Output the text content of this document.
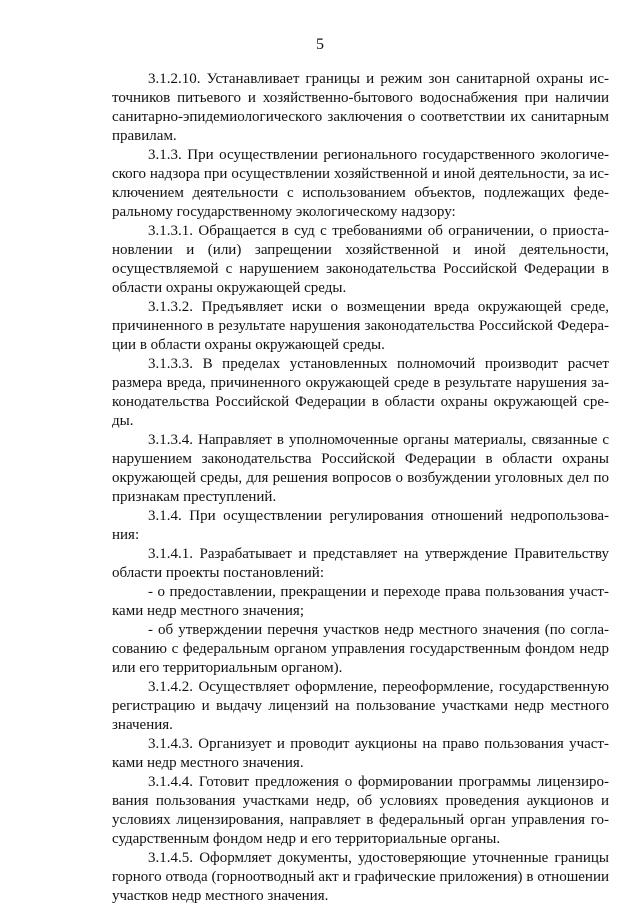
5

3.1.2.10. Устанавливает границы и режим зон санитарной охраны источников питьевого и хозяйственно-бытового водоснабжения при наличии санитарно-эпидемиологического заключения о соответствии их санитарным правилам.

3.1.3. При осуществлении регионального государственного экологического надзора при осуществлении хозяйственной и иной деятельности, за исключением деятельности с использованием объектов, подлежащих федеральному государственному экологическому надзору:

3.1.3.1. Обращается в суд с требованиями об ограничении, о приостановлении и (или) запрещении хозяйственной и иной деятельности, осуществляемой с нарушением законодательства Российской Федерации в области охраны окружающей среды.

3.1.3.2. Предъявляет иски о возмещении вреда окружающей среде, причиненного в результате нарушения законодательства Российской Федерации в области охраны окружающей среды.

3.1.3.3. В пределах установленных полномочий производит расчет размера вреда, причиненного окружающей среде в результате нарушения законодательства Российской Федерации в области охраны окружающей среды.

3.1.3.4. Направляет в уполномоченные органы материалы, связанные с нарушением законодательства Российской Федерации в области охраны окружающей среды, для решения вопросов о возбуждении уголовных дел по признакам преступлений.

3.1.4. При осуществлении регулирования отношений недропользования:

3.1.4.1. Разрабатывает и представляет на утверждение Правительству области проекты постановлений:

- о предоставлении, прекращении и переходе права пользования участками недр местного значения;

- об утверждении перечня участков недр местного значения (по согласованию с федеральным органом управления государственным фондом недр или его территориальным органом).

3.1.4.2. Осуществляет оформление, переоформление, государственную регистрацию и выдачу лицензий на пользование участками недр местного значения.

3.1.4.3. Организует и проводит аукционы на право пользования участками недр местного значения.

3.1.4.4. Готовит предложения о формировании программы лицензирования пользования участками недр, об условиях проведения аукционов и условиях лицензирования, направляет в федеральный орган управления государственным фондом недр и его территориальные органы.

3.1.4.5. Оформляет документы, удостоверяющие уточненные границы горного отвода (горноотводный акт и графические приложения) в отношении участков недр местного значения.
